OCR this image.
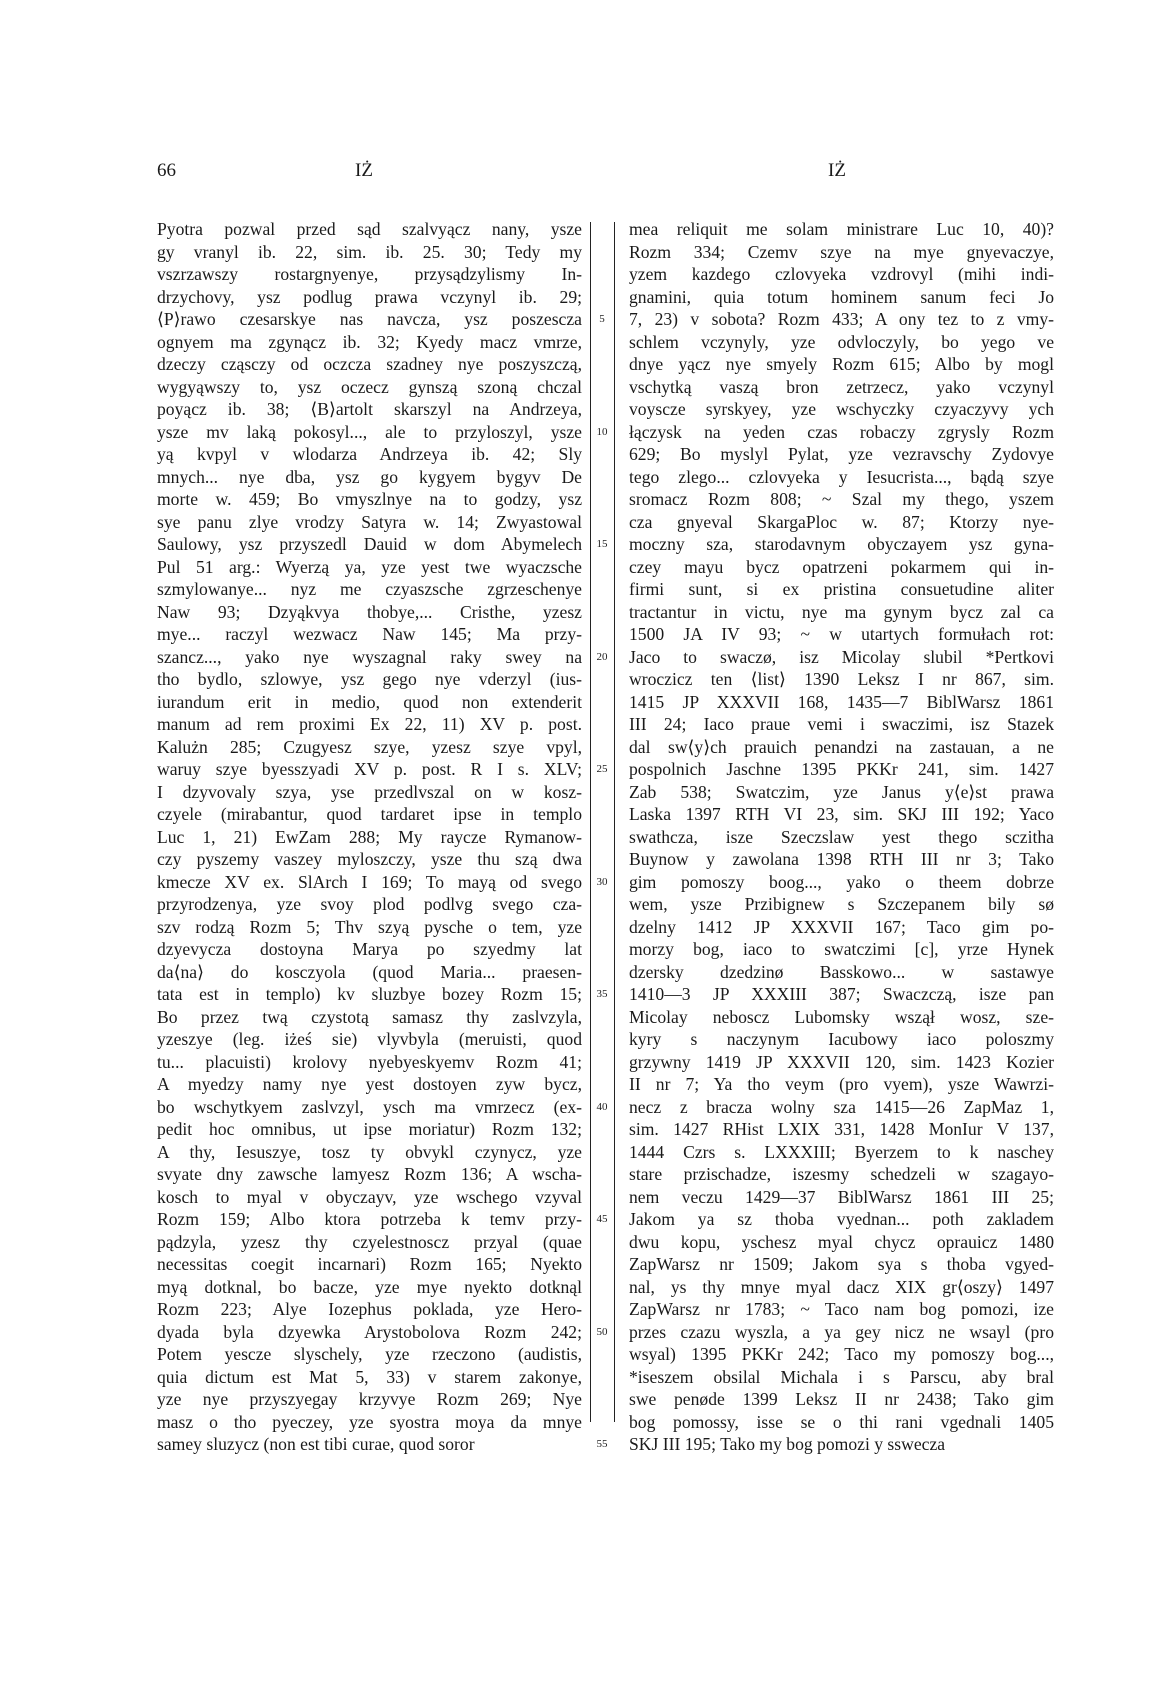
66	IŻ	IŻ
Pyotra pozwal przed sąd szalvyącz nany, ysze
gy vranyl ib. 22, sim. ib. 25. 30; Tedy my
vszrzawszy rostargnyenye, przysądzylismy In-
drzychovy, ysz podlug prawa vczynyl ib. 29;
⟨P⟩rawo czesarskye nas navcza, ysz poszescza
ognyem ma zgynącz ib. 32; Kyedy macz vmrze,
dzeczy cząsczy od oczcza szadney nye poszyszczą,
wygyąwszy to, ysz oczecz gynszą szoną chczal
poyącz ib. 38; ⟨B⟩artolt skarszyl na Andrzeya,
ysze mv laką pokosyl..., ale to przyloszyl, ysze
yą kvpyl v wlodarza Andrzeya ib. 42; Sly
mnych... nye dba, ysz go kygyem bygyv De
morte w. 459; Bo vmyszlnye na to godzy, ysz
sye panu zlye vrodzy Satyra w. 14; Zwyastowal
Saulowy, ysz przyszedl Dauid w dom Abymelech
Pul 51 arg.: Wyerzą ya, yze yest twe wyaczsche
szmylowanye... nyz me czyaszsche zgrzeschenye
Naw 93; Dzyąkvya thobye,... Cristhe, yzesz
mye... raczyl wezwacz Naw 145; Ma przy-
szancz..., yako nye wyszagnal raky swey na
tho bydlo, szlowye, ysz gego nye vderzyl (ius-
iurandum erit in medio, quod non extenderit
manum ad rem proximi Ex 22, 11) XV p. post.
Kalużn 285; Czugyesz szye, yzesz szye vpyl,
waruy szye byesszyadi XV p. post. R I s. XLV;
I dzyvovaly szya, yse przedlvszal on w kosz-
czyele (mirabantur, quod tardaret ipse in templo
Luc 1, 21) EwZam 288; My raycze Rymanow-
czy pyszemy vaszey myloszczy, ysze thu szą dwa
kmecze XV ex. SlArch I 169; To mayą od svego
przyrodzenya, yze svoy plod podlvg svego cza-
szv rodzą Rozm 5; Thv szyą pysche o tem, yze
dzyevycza dostoyna Marya po szyedmy lat
da⟨na⟩ do kosczyola (quod Maria... praesen-
tata est in templo) kv sluzbye bozey Rozm 15;
Bo przez twą czystotą samasz thy zaslvzyla,
yzeszye (leg. iżeś sie) vlyvbyla (meruisti, quod
tu... placuisti) krolovy nyebyeskyemv Rozm 41;
A myedzy namy nye yest dostoyen zyw bycz,
bo wschytkyem zaslvzyl, ysch ma vmrzecz (ex-
pedit hoc omnibus, ut ipse moriatur) Rozm 132;
A thy, Iesuszye, tosz ty obvykl czynycz, yze
svyate dny zawsche lamyesz Rozm 136; A wscha-
kosch to myal v obyczayv, yze wschego vzyval
Rozm 159; Albo ktora potrzeba k temv przy-
pądzyla, yzesz thy czyelestnoscz przyal (quae
necessitas coegit incarnari) Rozm 165; Nyekto
myą dotknal, bo bacze, yze mye nyekto dotknąl
Rozm 223; Alye Iozephus poklada, yze Hero-
dyada byla dzyewka Arystobolova Rozm 242;
Potem yescze slyschely, yze rzeczono (audistis,
quia dictum est Mat 5, 33) v starem zakonye,
yze nye przyszyegay krzyvye Rozm 269; Nye
masz o tho pyeczey, yze syostra moya da mnye
samey sluzycz (non est tibi curae, quod soror
5
10
15
20
25
30
35
40
45
50
55
mea reliquit me solam ministrare Luc 10, 40)?
Rozm 334; Czemv szye na mye gnyevaczye,
yzem kazdego czlovyeka vzdrovyl (mihi indi-
gnamini, quia totum hominem sanum feci Jo
7, 23) v sobota? Rozm 433; A ony tez to z vmy-
schlem vczynyly, yze odvloczyly, bo yego ve
dnye yącz nye smyely Rozm 615; Albo by mogl
vschytką vaszą bron zetrzecz, yako vczynyl
voyscze syrskyey, yze wschyczky czyaczyvy ych
łączysk na yeden czas robaczy zgrysly Rozm
629; Bo myslyl Pylat, yze vezravschy Zydovye
tego zlego... czlovyeka y Iesucrista..., bądą szye
sromacz Rozm 808; ~ Szal my thego, yszem
cza gnyeval SkargaPloc w. 87; Ktorzy nye-
moczny sza, starodavnym obyczayem ysz gyna-
czey mayu bycz opatrzeni pokarmem qui in-
firmi sunt, si ex pristina consuetudine aliter
tractantur in victu, nye ma gynym bycz zal ca
1500 JA IV 93; ~ w utartych formułach rot:
Jaco to swaczø, isz Micolay slubil *Pertkovi
wroczicz ten ⟨list⟩ 1390 Leksz I nr 867, sim.
1415 JP XXXVII 168, 1435—7 BiblWarsz 1861
III 24; Iaco praue vemi i swaczimi, isz Stazek
dal sw⟨y⟩ch prauich penandzi na zastauan, a ne
pospolnich Jaschne 1395 PKKr 241, sim. 1427
Zab 538; Swatczim, yze Janus y⟨e⟩st prawa
Laska 1397 RTH VI 23, sim. SKJ III 192; Yaco
swathcza, isze Szeczslaw yest thego sczitha
Buynow y zawolana 1398 RTH III nr 3; Tako
gim pomoszy boog..., yako o theem dobrze
wem, ysze Przibignew s Szczepanem bily sø
dzelny 1412 JP XXXVII 167; Taco gim po-
morzy bog, iaco to swatczimi [c], yrze Hynek
dzersky dzedzinø Basskowo... w sastawye
1410—3 JP XXXIII 387; Swaczczą, isze pan
Micolay neboscz Lubomsky wszął wosz, sze-
kyry s naczynym Iacubowy iaco poloszmy
grzywny 1419 JP XXXVII 120, sim. 1423 Kozier
II nr 7; Ya tho veym (pro vyem), ysze Wawrzi-
necz z bracza wolny sza 1415—26 ZapMaz 1,
sim. 1427 RHist LXIX 331, 1428 MonIur V 137,
1444 Czrs s. LXXXIII; Byerzem to k naschey
stare przischadze, iszesmy schedzeli w szagayo-
nem veczu 1429—37 BiblWarsz 1861 III 25;
Jakom ya sz thoba vyednan... poth zakladem
dwu kopu, yschesz myal chycz oprauicz 1480
ZapWarsz nr 1509; Jakom sya s thoba vgyed-
nal, ys thy mnye myal dacz XIX gr⟨oszy⟩ 1497
ZapWarsz nr 1783; ~ Taco nam bog pomozi, ize
przes czazu wyszla, a ya gey nicz ne wsayl (pro
wsyal) 1395 PKKr 242; Taco my pomoszy bog...,
*iseszem obsilal Michala i s Parscu, aby bral
swe penøde 1399 Leksz II nr 2438; Tako gim
bog pomossy, isse se o thi rani vgednali 1405
SKJ III 195; Tako my bog pomozi y sswecza
